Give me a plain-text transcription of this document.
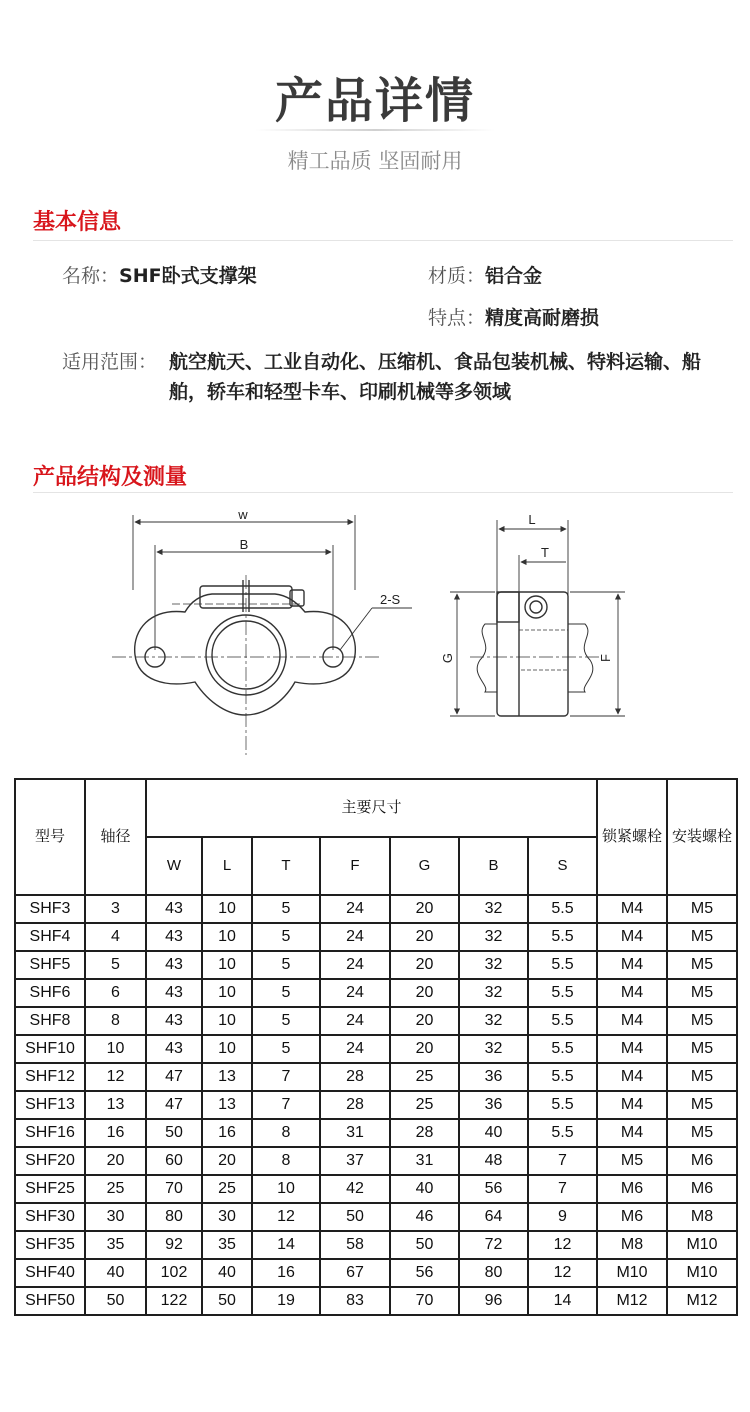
产品详情
精工品质 坚固耐用
基本信息
名称：SHF卧式支撑架	材质：铝合金
特点：精度高耐磨损
适用范围： 航空航天、工业自动化、压缩机、食品包装机械、特料运输、船舶，轿车和轻型卡车、印刷机械等多领域
产品结构及测量
w
B
2-S
L
T
G	F
型号	轴径	主要尺寸							锁紧螺栓	安装螺栓
		W	L	T	F	G	B	S		
SHF3	3	43	10	5	24	20	32	5.5	M4	M5
SHF4	4	43	10	5	24	20	32	5.5	M4	M5
SHF5	5	43	10	5	24	20	32	5.5	M4	M5
SHF6	6	43	10	5	24	20	32	5.5	M4	M5
SHF8	8	43	10	5	24	20	32	5.5	M4	M5
SHF10	10	43	10	5	24	20	32	5.5	M4	M5
SHF12	12	47	13	7	28	25	36	5.5	M4	M5
SHF13	13	47	13	7	28	25	36	5.5	M4	M5
SHF16	16	50	16	8	31	28	40	5.5	M4	M5
SHF20	20	60	20	8	37	31	48	7	M5	M6
SHF25	25	70	25	10	42	40	56	7	M6	M6
SHF30	30	80	30	12	50	46	64	9	M6	M8
SHF35	35	92	35	14	58	50	72	12	M8	M10
SHF40	40	102	40	16	67	56	80	12	M10	M10
SHF50	50	122	50	19	83	70	96	14	M12	M12
